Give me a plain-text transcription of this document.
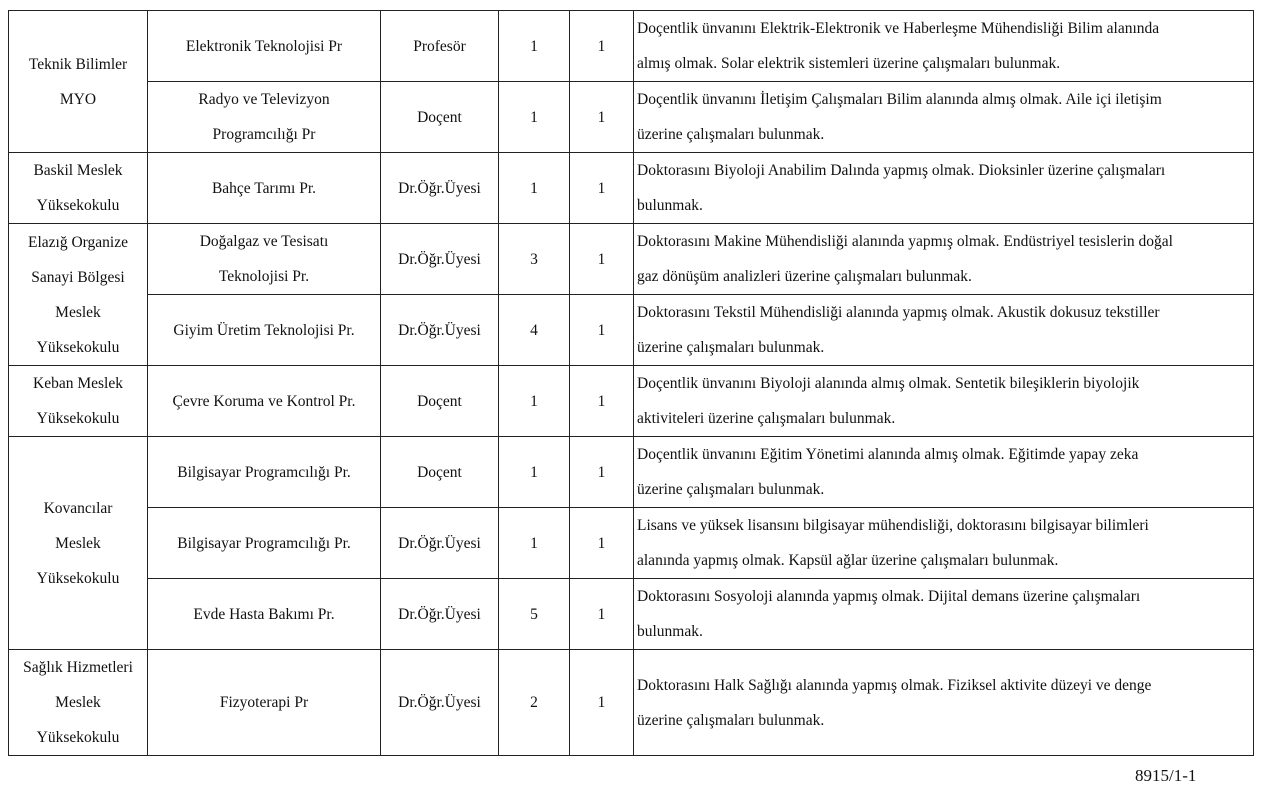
Teknik Bilimler
MYO	Elektronik Teknolojisi Pr	Profesör	1	1	Doçentlik ünvanını Elektrik-Elektronik ve Haberleşme Mühendisliği Bilim alanında
almış olmak. Solar elektrik sistemleri üzerine çalışmaları bulunmak.

	Radyo ve Televizyon
Programcılığı Pr	Doçent	1	1	Doçentlik ünvanını İletişim Çalışmaları Bilim alanında almış olmak. Aile içi iletişim
üzerine çalışmaları bulunmak.

Baskil Meslek
Yüksekokulu	Bahçe Tarımı Pr.	Dr.Öğr.Üyesi	1	1	Doktorasını Biyoloji Anabilim Dalında yapmış olmak. Dioksinler üzerine çalışmaları
bulunmak.

Elazığ Organize
Sanayi Bölgesi
Meslek
Yüksekokulu	Doğalgaz ve Tesisatı
Teknolojisi Pr.	Dr.Öğr.Üyesi	3	1	Doktorasını Makine Mühendisliği alanında yapmış olmak. Endüstriyel tesislerin doğal
gaz dönüşüm analizleri üzerine çalışmaları bulunmak.

	Giyim Üretim Teknolojisi Pr.	Dr.Öğr.Üyesi	4	1	Doktorasını Tekstil Mühendisliği alanında yapmış olmak. Akustik dokusuz tekstiller
üzerine çalışmaları bulunmak.

Keban Meslek
Yüksekokulu	Çevre Koruma ve Kontrol Pr.	Doçent	1	1	Doçentlik ünvanını Biyoloji alanında almış olmak. Sentetik bileşiklerin biyolojik
aktiviteleri üzerine çalışmaları bulunmak.

Kovancılar
Meslek
Yüksekokulu	Bilgisayar Programcılığı Pr.	Doçent	1	1	Doçentlik ünvanını Eğitim Yönetimi alanında almış olmak. Eğitimde yapay zeka
üzerine çalışmaları bulunmak.

	Bilgisayar Programcılığı Pr.	Dr.Öğr.Üyesi	1	1	Lisans ve yüksek lisansını bilgisayar mühendisliği, doktorasını bilgisayar bilimleri
alanında yapmış olmak. Kapsül ağlar üzerine çalışmaları bulunmak.

	Evde Hasta Bakımı Pr.	Dr.Öğr.Üyesi	5	1	Doktorasını Sosyoloji alanında yapmış olmak. Dijital demans üzerine çalışmaları
bulunmak.

Sağlık Hizmetleri
Meslek
Yüksekokulu	Fizyoterapi Pr	Dr.Öğr.Üyesi	2	1	Doktorasını Halk Sağlığı alanında yapmış olmak. Fiziksel aktivite düzeyi ve denge
üzerine çalışmaları bulunmak.
8915/1-1
